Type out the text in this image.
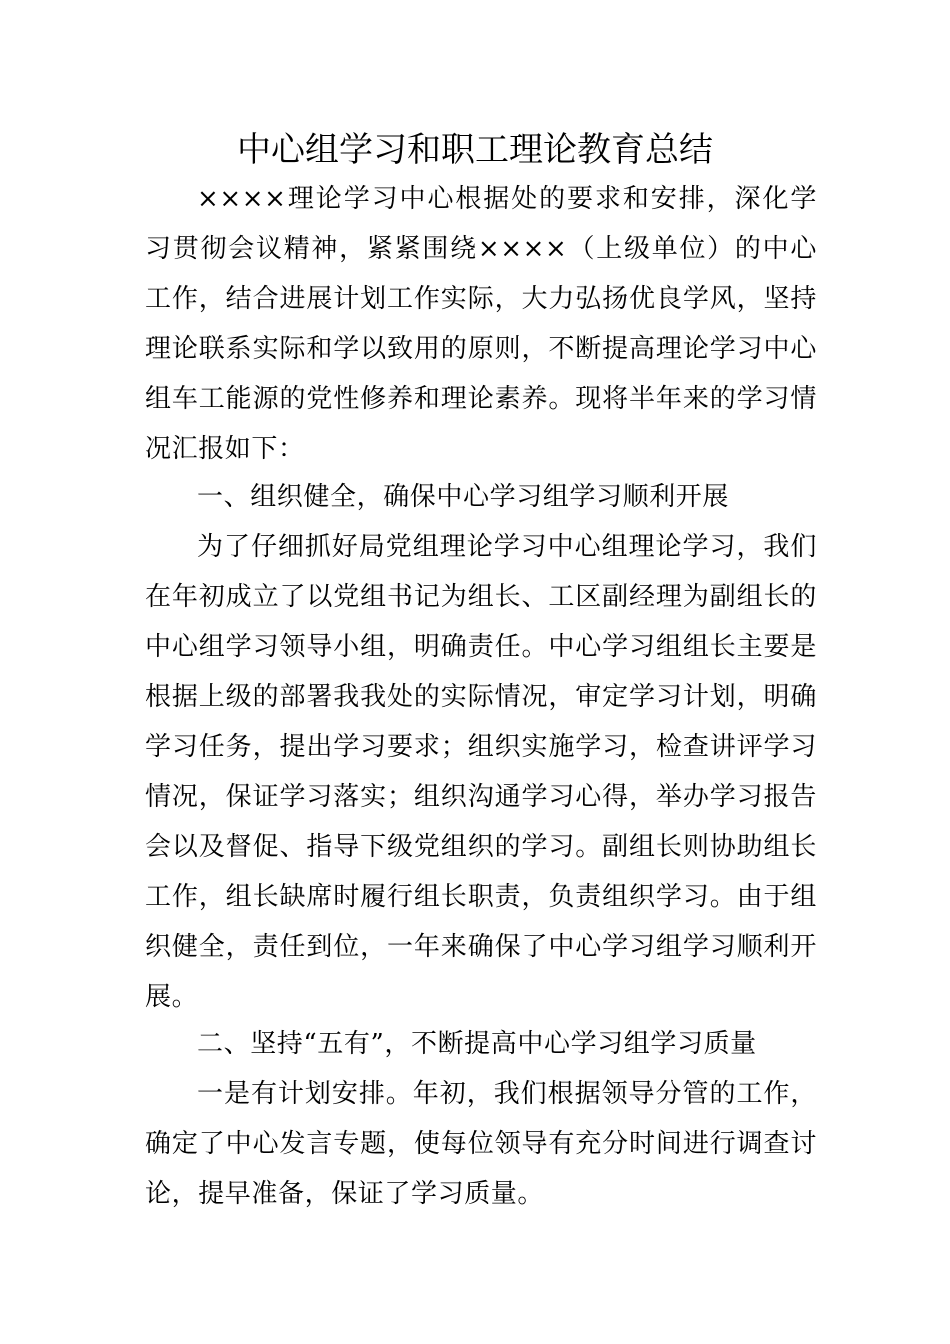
中心组学习和职工理论教育总结

××××理论学习中心根据处的要求和安排，深化学习贯彻会议精神，紧紧围绕××××（上级单位）的中心工作，结合进展计划工作实际，大力弘扬优良学风，坚持理论联系实际和学以致用的原则，不断提高理论学习中心组车工能源的党性修养和理论素养。现将半年来的学习情况汇报如下：

一、组织健全，确保中心学习组学习顺利开展

为了仔细抓好局党组理论学习中心组理论学习，我们在年初成立了以党组书记为组长、工区副经理为副组长的中心组学习领导小组，明确责任。中心学习组组长主要是根据上级的部署我我处的实际情况，审定学习计划，明确学习任务，提出学习要求；组织实施学习，检查讲评学习情况，保证学习落实；组织沟通学习心得，举办学习报告会以及督促、指导下级党组织的学习。副组长则协助组长工作，组长缺席时履行组长职责，负责组织学习。由于组织健全，责任到位，一年来确保了中心学习组学习顺利开展。

二、坚持“五有”，不断提高中心学习组学习质量

一是有计划安排。年初，我们根据领导分管的工作，确定了中心发言专题，使每位领导有充分时间进行调查讨论，提早准备，保证了学习质量。
